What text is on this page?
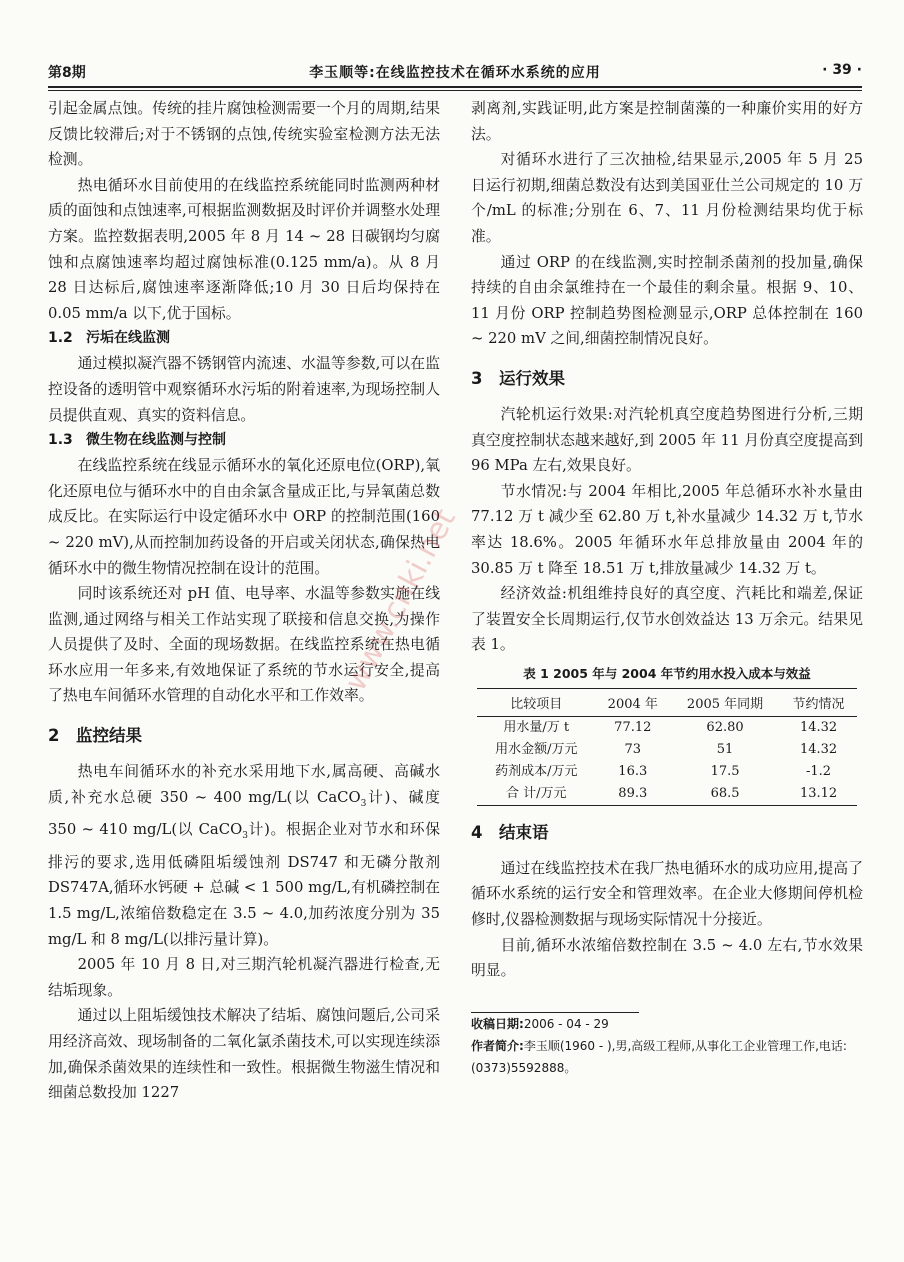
第8期	李玉顺等:在线监控技术在循环水系统的应用	· 39 ·

引起金属点蚀。传统的挂片腐蚀检测需要一个月的周期,结果反馈比较滞后;对于不锈钢的点蚀,传统实验室检测方法无法检测。

热电循环水目前使用的在线监控系统能同时监测两种材质的面蚀和点蚀速率,可根据监测数据及时评价并调整水处理方案。监控数据表明,2005 年 8 月 14 ~ 28 日碳钢均匀腐蚀和点腐蚀速率均超过腐蚀标准(0.125 mm/a)。从 8 月 28 日达标后,腐蚀速率逐渐降低;10 月 30 日后均保持在 0.05 mm/a 以下,优于国标。

1.2 污垢在线监测

通过模拟凝汽器不锈钢管内流速、水温等参数,可以在监控设备的透明管中观察循环水污垢的附着速率,为现场控制人员提供直观、真实的资料信息。

1.3 微生物在线监测与控制

在线监控系统在线显示循环水的氧化还原电位(ORP),氧化还原电位与循环水中的自由余氯含量成正比,与异氧菌总数成反比。在实际运行中设定循环水中 ORP 的控制范围(160 ~ 220 mV),从而控制加药设备的开启或关闭状态,确保热电循环水中的微生物情况控制在设计的范围。

同时该系统还对 pH 值、电导率、水温等参数实施在线监测,通过网络与相关工作站实现了联接和信息交换,为操作人员提供了及时、全面的现场数据。在线监控系统在热电循环水应用一年多来,有效地保证了系统的节水运行安全,提高了热电车间循环水管理的自动化水平和工作效率。

2 监控结果

热电车间循环水的补充水采用地下水,属高硬、高碱水质,补充水总硬 350 ~ 400 mg/L(以 CaCO$_3$计)、碱度 350 ~ 410 mg/L(以 CaCO$_3$计)。根据企业对节水和环保排污的要求,选用低磷阻垢缓蚀剂 DS747 和无磷分散剂 DS747A,循环水钙硬 + 总碱 < 1 500 mg/L,有机磷控制在 1.5 mg/L,浓缩倍数稳定在 3.5 ~ 4.0,加药浓度分别为 35 mg/L 和 8 mg/L(以排污量计算)。

2005 年 10 月 8 日,对三期汽轮机凝汽器进行检查,无结垢现象。

通过以上阻垢缓蚀技术解决了结垢、腐蚀问题后,公司采用经济高效、现场制备的二氧化氯杀菌技术,可以实现连续添加,确保杀菌效果的连续性和一致性。根据微生物滋生情况和细菌总数投加 1227

剥离剂,实践证明,此方案是控制菌藻的一种廉价实用的好方法。

对循环水进行了三次抽检,结果显示,2005 年 5 月 25 日运行初期,细菌总数没有达到美国亚仕兰公司规定的 10 万个/mL 的标准;分别在 6、7、11 月份检测结果均优于标准。

通过 ORP 的在线监测,实时控制杀菌剂的投加量,确保持续的自由余氯维持在一个最佳的剩余量。根据 9、10、11 月份 ORP 控制趋势图检测显示,ORP 总体控制在 160 ~ 220 mV 之间,细菌控制情况良好。

3 运行效果

汽轮机运行效果:对汽轮机真空度趋势图进行分析,三期真空度控制状态越来越好,到 2005 年 11 月份真空度提高到 96 MPa 左右,效果良好。

节水情况:与 2004 年相比,2005 年总循环水补水量由 77.12 万 t 减少至 62.80 万 t,补水量减少 14.32 万 t,节水率达 18.6%。2005 年循环水年总排放量由 2004 年的 30.85 万 t 降至 18.51 万 t,排放量减少 14.32 万 t。

经济效益:机组维持良好的真空度、汽耗比和端差,保证了装置安全长周期运行,仅节水创效益达 13 万余元。结果见表 1。

表 1 2005 年与 2004 年节约用水投入成本与效益
比较项目	2004 年	2005 年同期	节约情况
用水量/万 t	77.12	62.80	14.32
用水金额/万元	73	51	14.32
药剂成本/万元	16.3	17.5	-1.2
合 计/万元	89.3	68.5	13.12
4 结束语

通过在线监控技术在我厂热电循环水的成功应用,提高了循环水系统的运行安全和管理效率。在企业大修期间停机检修时,仪器检测数据与现场实际情况十分接近。

目前,循环水浓缩倍数控制在 3.5 ~ 4.0 左右,节水效果明显。

收稿日期:2006 - 04 - 29

作者简介:李玉顺(1960 - ),男,高级工程师,从事化工企业管理工作,电话:(0373)5592888。

www.cnki.net
